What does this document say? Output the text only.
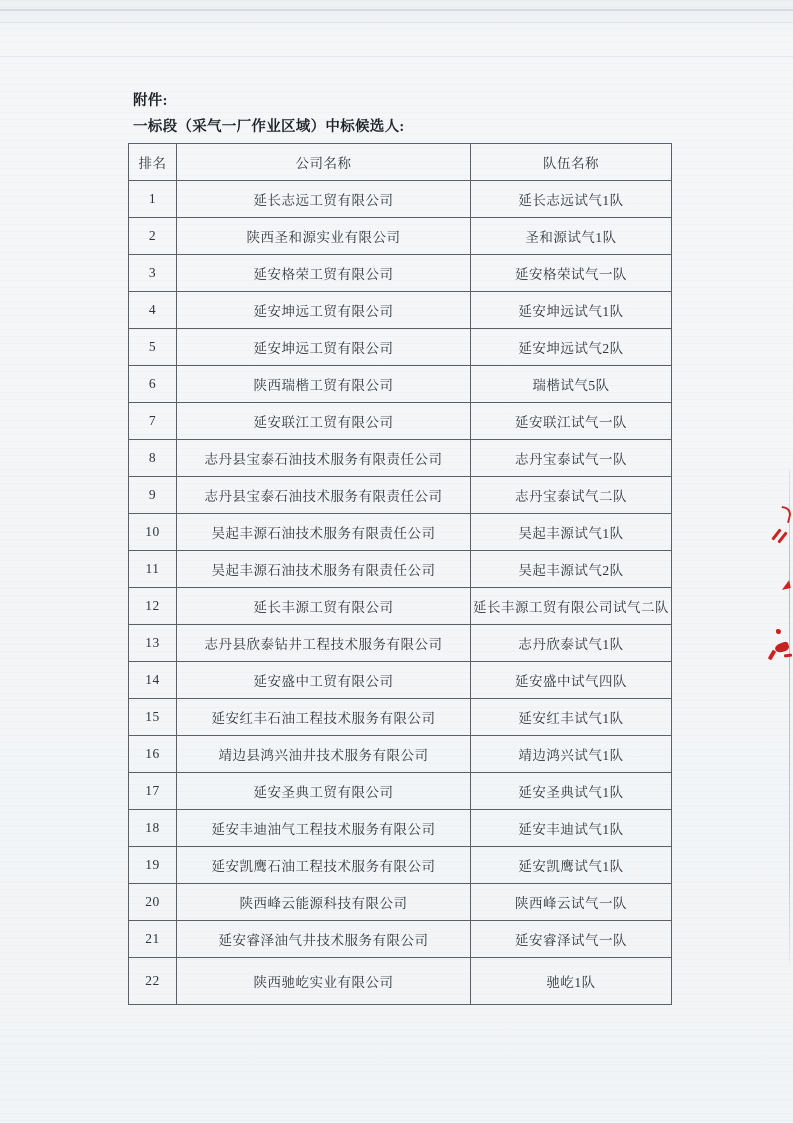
附件:

一标段（采气一厂作业区域）中标候选人:

排名	公司名称	队伍名称
1	延长志远工贸有限公司	延长志远试气1队
2	陕西圣和源实业有限公司	圣和源试气1队
3	延安格荣工贸有限公司	延安格荣试气一队
4	延安坤远工贸有限公司	延安坤远试气1队
5	延安坤远工贸有限公司	延安坤远试气2队
6	陕西瑞楷工贸有限公司	瑞楷试气5队
7	延安联江工贸有限公司	延安联江试气一队
8	志丹县宝泰石油技术服务有限责任公司	志丹宝泰试气一队
9	志丹县宝泰石油技术服务有限责任公司	志丹宝泰试气二队
10	吴起丰源石油技术服务有限责任公司	吴起丰源试气1队
11	吴起丰源石油技术服务有限责任公司	吴起丰源试气2队
12	延长丰源工贸有限公司	延长丰源工贸有限公司试气二队
13	志丹县欣泰钻井工程技术服务有限公司	志丹欣泰试气1队
14	延安盛中工贸有限公司	延安盛中试气四队
15	延安红丰石油工程技术服务有限公司	延安红丰试气1队
16	靖边县鸿兴油井技术服务有限公司	靖边鸿兴试气1队
17	延安圣典工贸有限公司	延安圣典试气1队
18	延安丰迪油气工程技术服务有限公司	延安丰迪试气1队
19	延安凯鹰石油工程技术服务有限公司	延安凯鹰试气1队
20	陕西峰云能源科技有限公司	陕西峰云试气一队
21	延安睿泽油气井技术服务有限公司	延安睿泽试气一队
22	陕西驰屹实业有限公司	驰屹1队
